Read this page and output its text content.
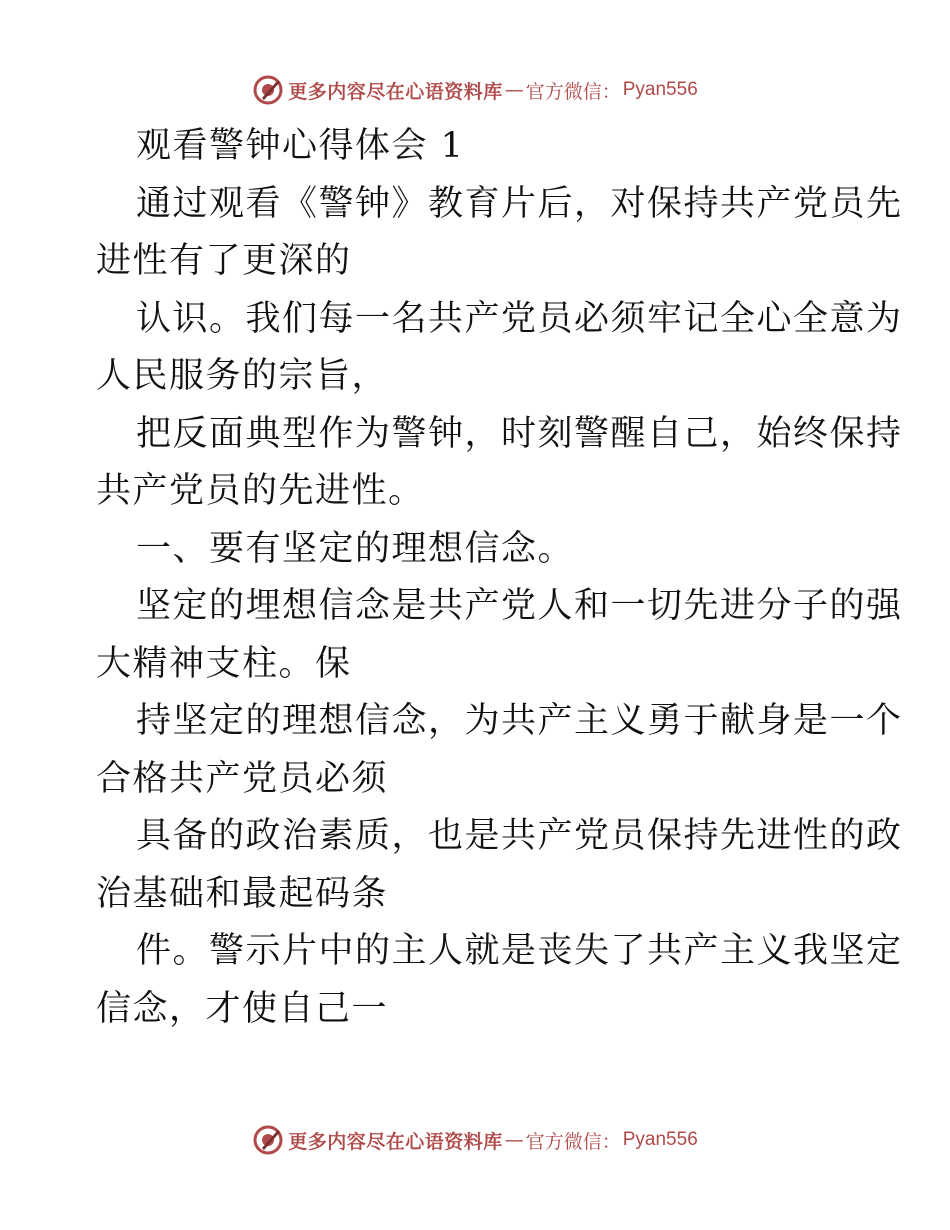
更多内容尽在心语资料库 — 官方微信： Pyan556
观看警钟心得体会 1
通过观看《警钟》教育片后，对保持共产党员先
进性有了更深的
认识。我们每一名共产党员必须牢记全心全意为
人民服务的宗旨，
把反面典型作为警钟，时刻警醒自己，始终保持
共产党员的先进性。
一、要有坚定的理想信念。
坚定的埋想信念是共产党人和一切先进分子的强
大精神支柱。保
持坚定的理想信念，为共产主义勇于献身是一个
合格共产党员必须
具备的政治素质，也是共产党员保持先进性的政
治基础和最起码条
件。警示片中的主人就是丧失了共产主义我坚定
信念，才使自己一
更多内容尽在心语资料库 — 官方微信： Pyan556
